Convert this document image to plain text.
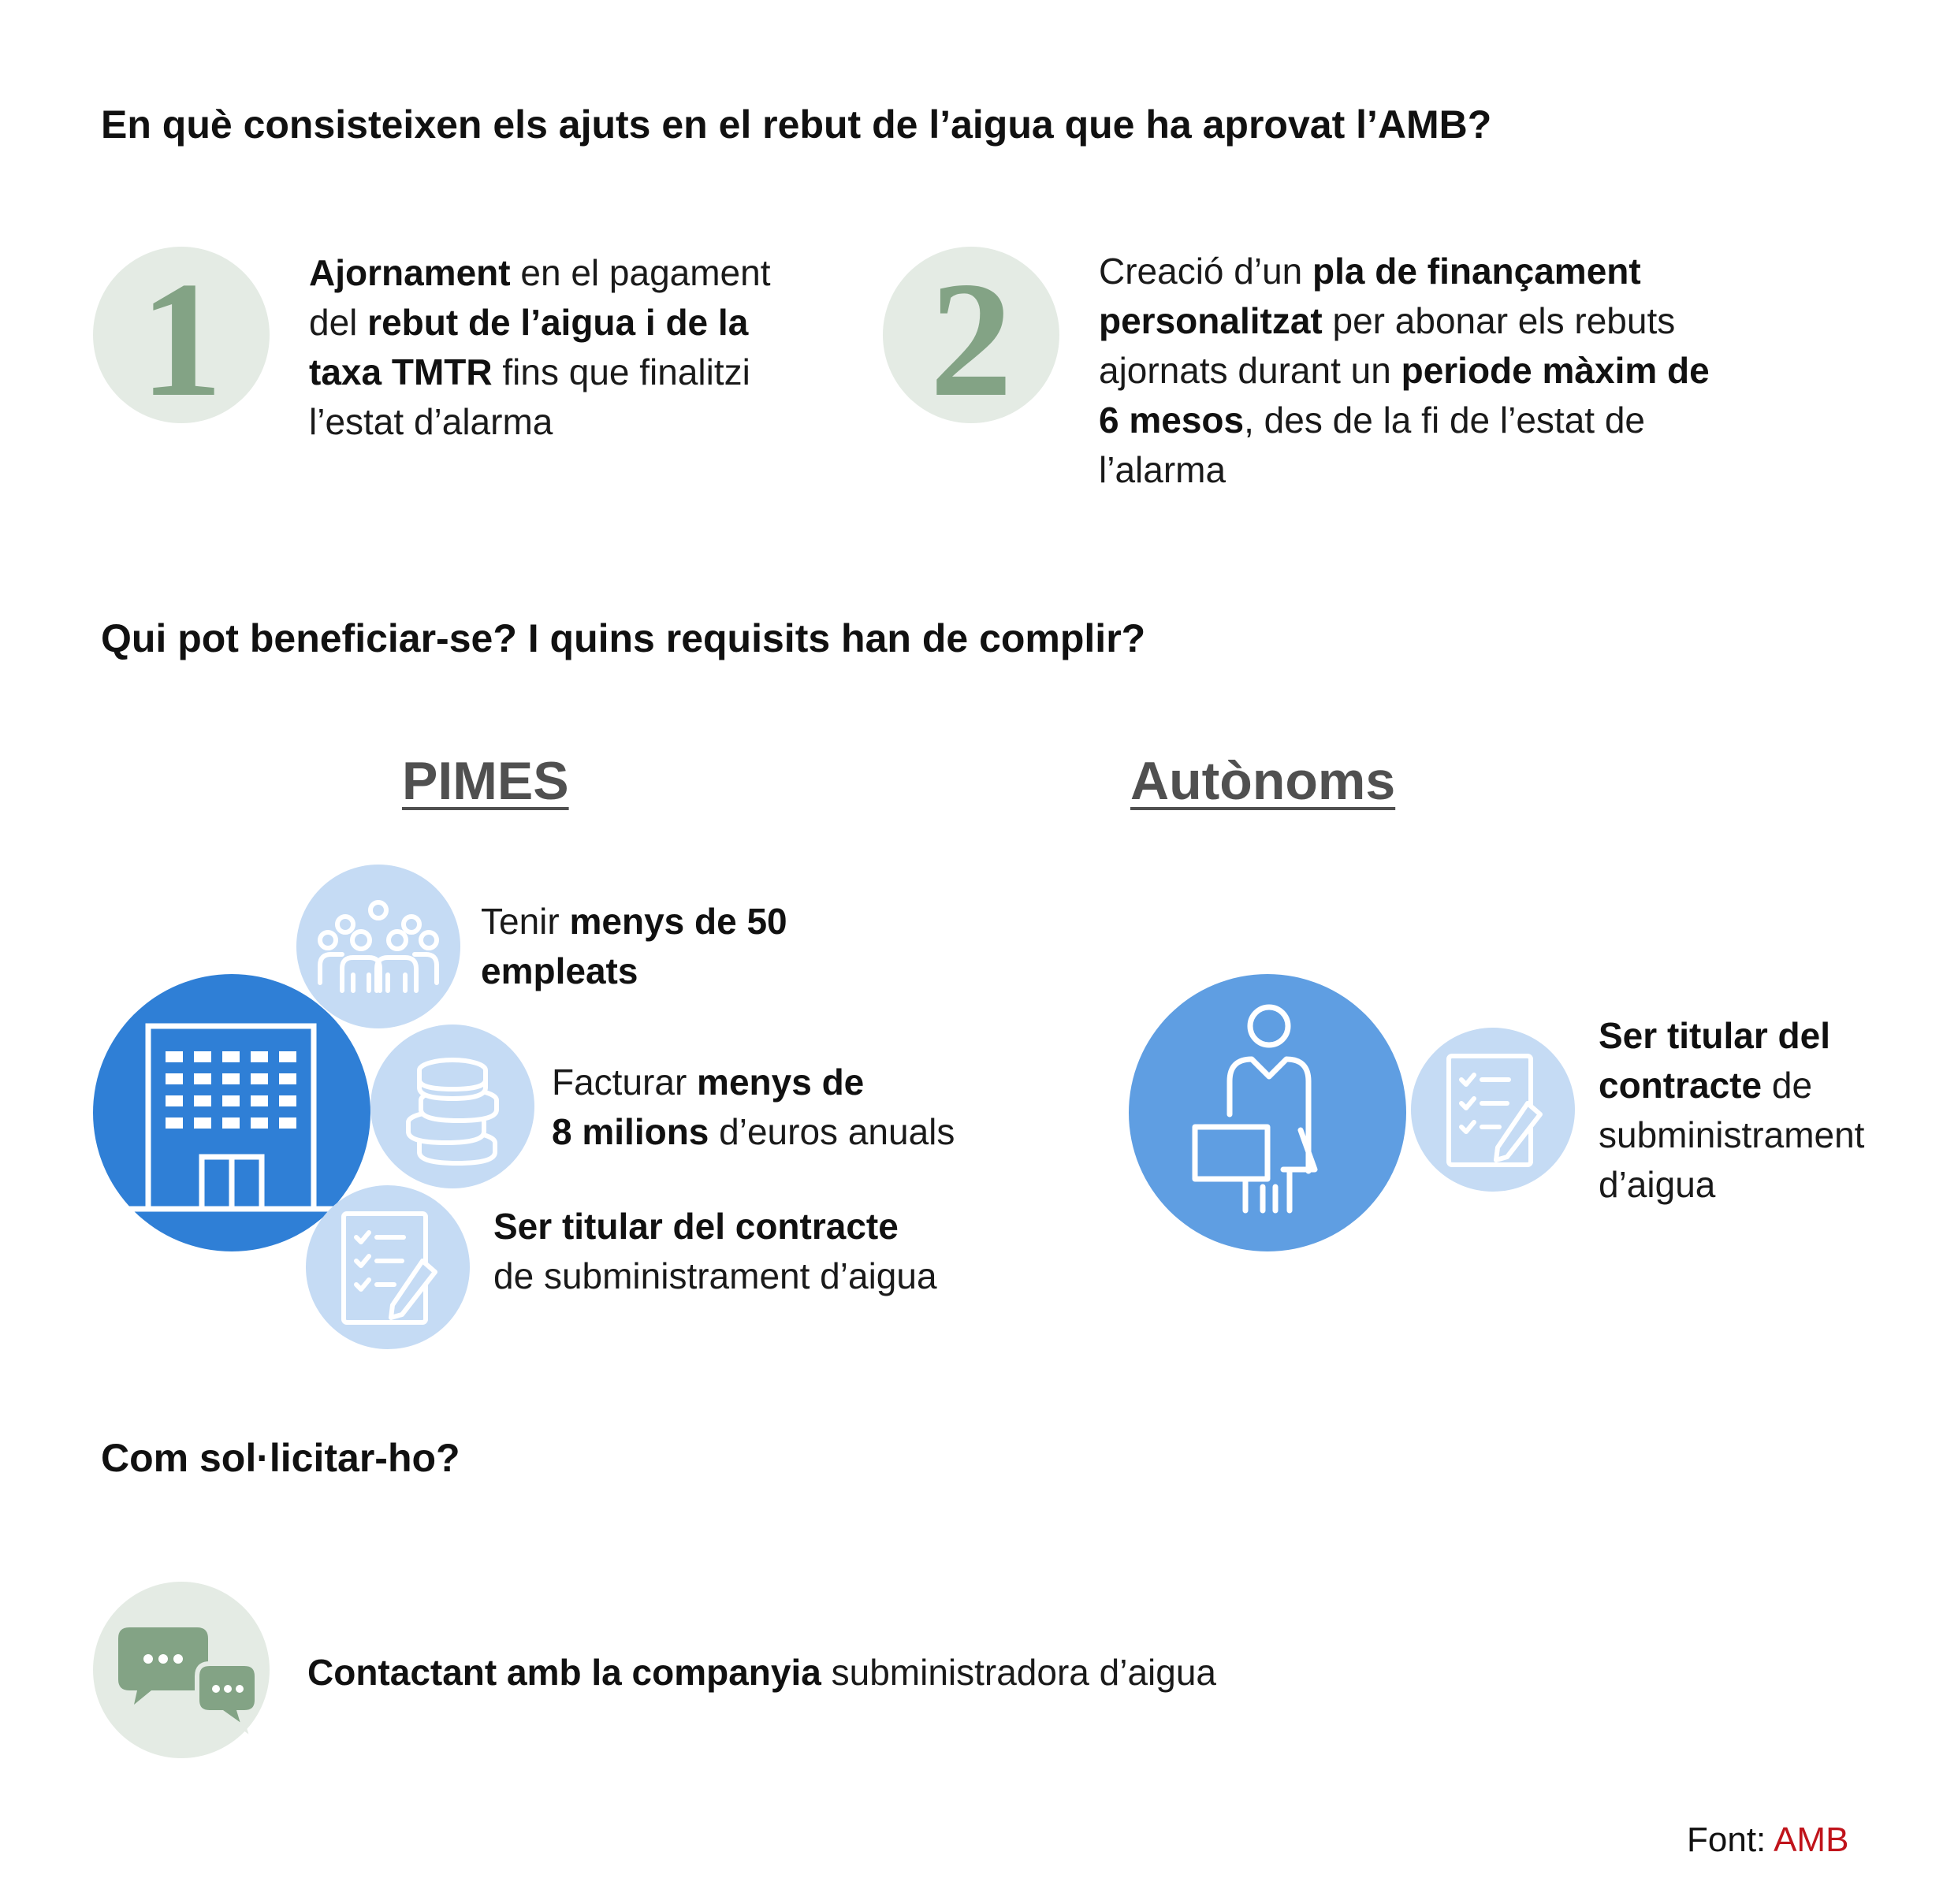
En què consisteixen els ajuts en el rebut de l’aigua que ha aprovat l’AMB?
1	Ajornament en el pagament del rebut de l’aigua i de la taxa TMTR fins que finalitzi l’estat d’alarma	2	Creació d’un pla de finançament personalitzat per abonar els rebuts ajornats durant un periode màxim de 6 mesos, des de la fi de l’estat de l’alarma
Qui pot beneficiar-se? I quins requisits han de complir?
PIMES	Autònoms
Tenir menys de 50 empleats
Facturar menys de
8 milions d’euros anuals
Ser titular del contracte
de subministrament d’aigua
Ser titular del contracte de subministrament d’aigua
Com sol·licitar-ho?
Contactant amb la companyia subministradora d’aigua
Font: AMB
